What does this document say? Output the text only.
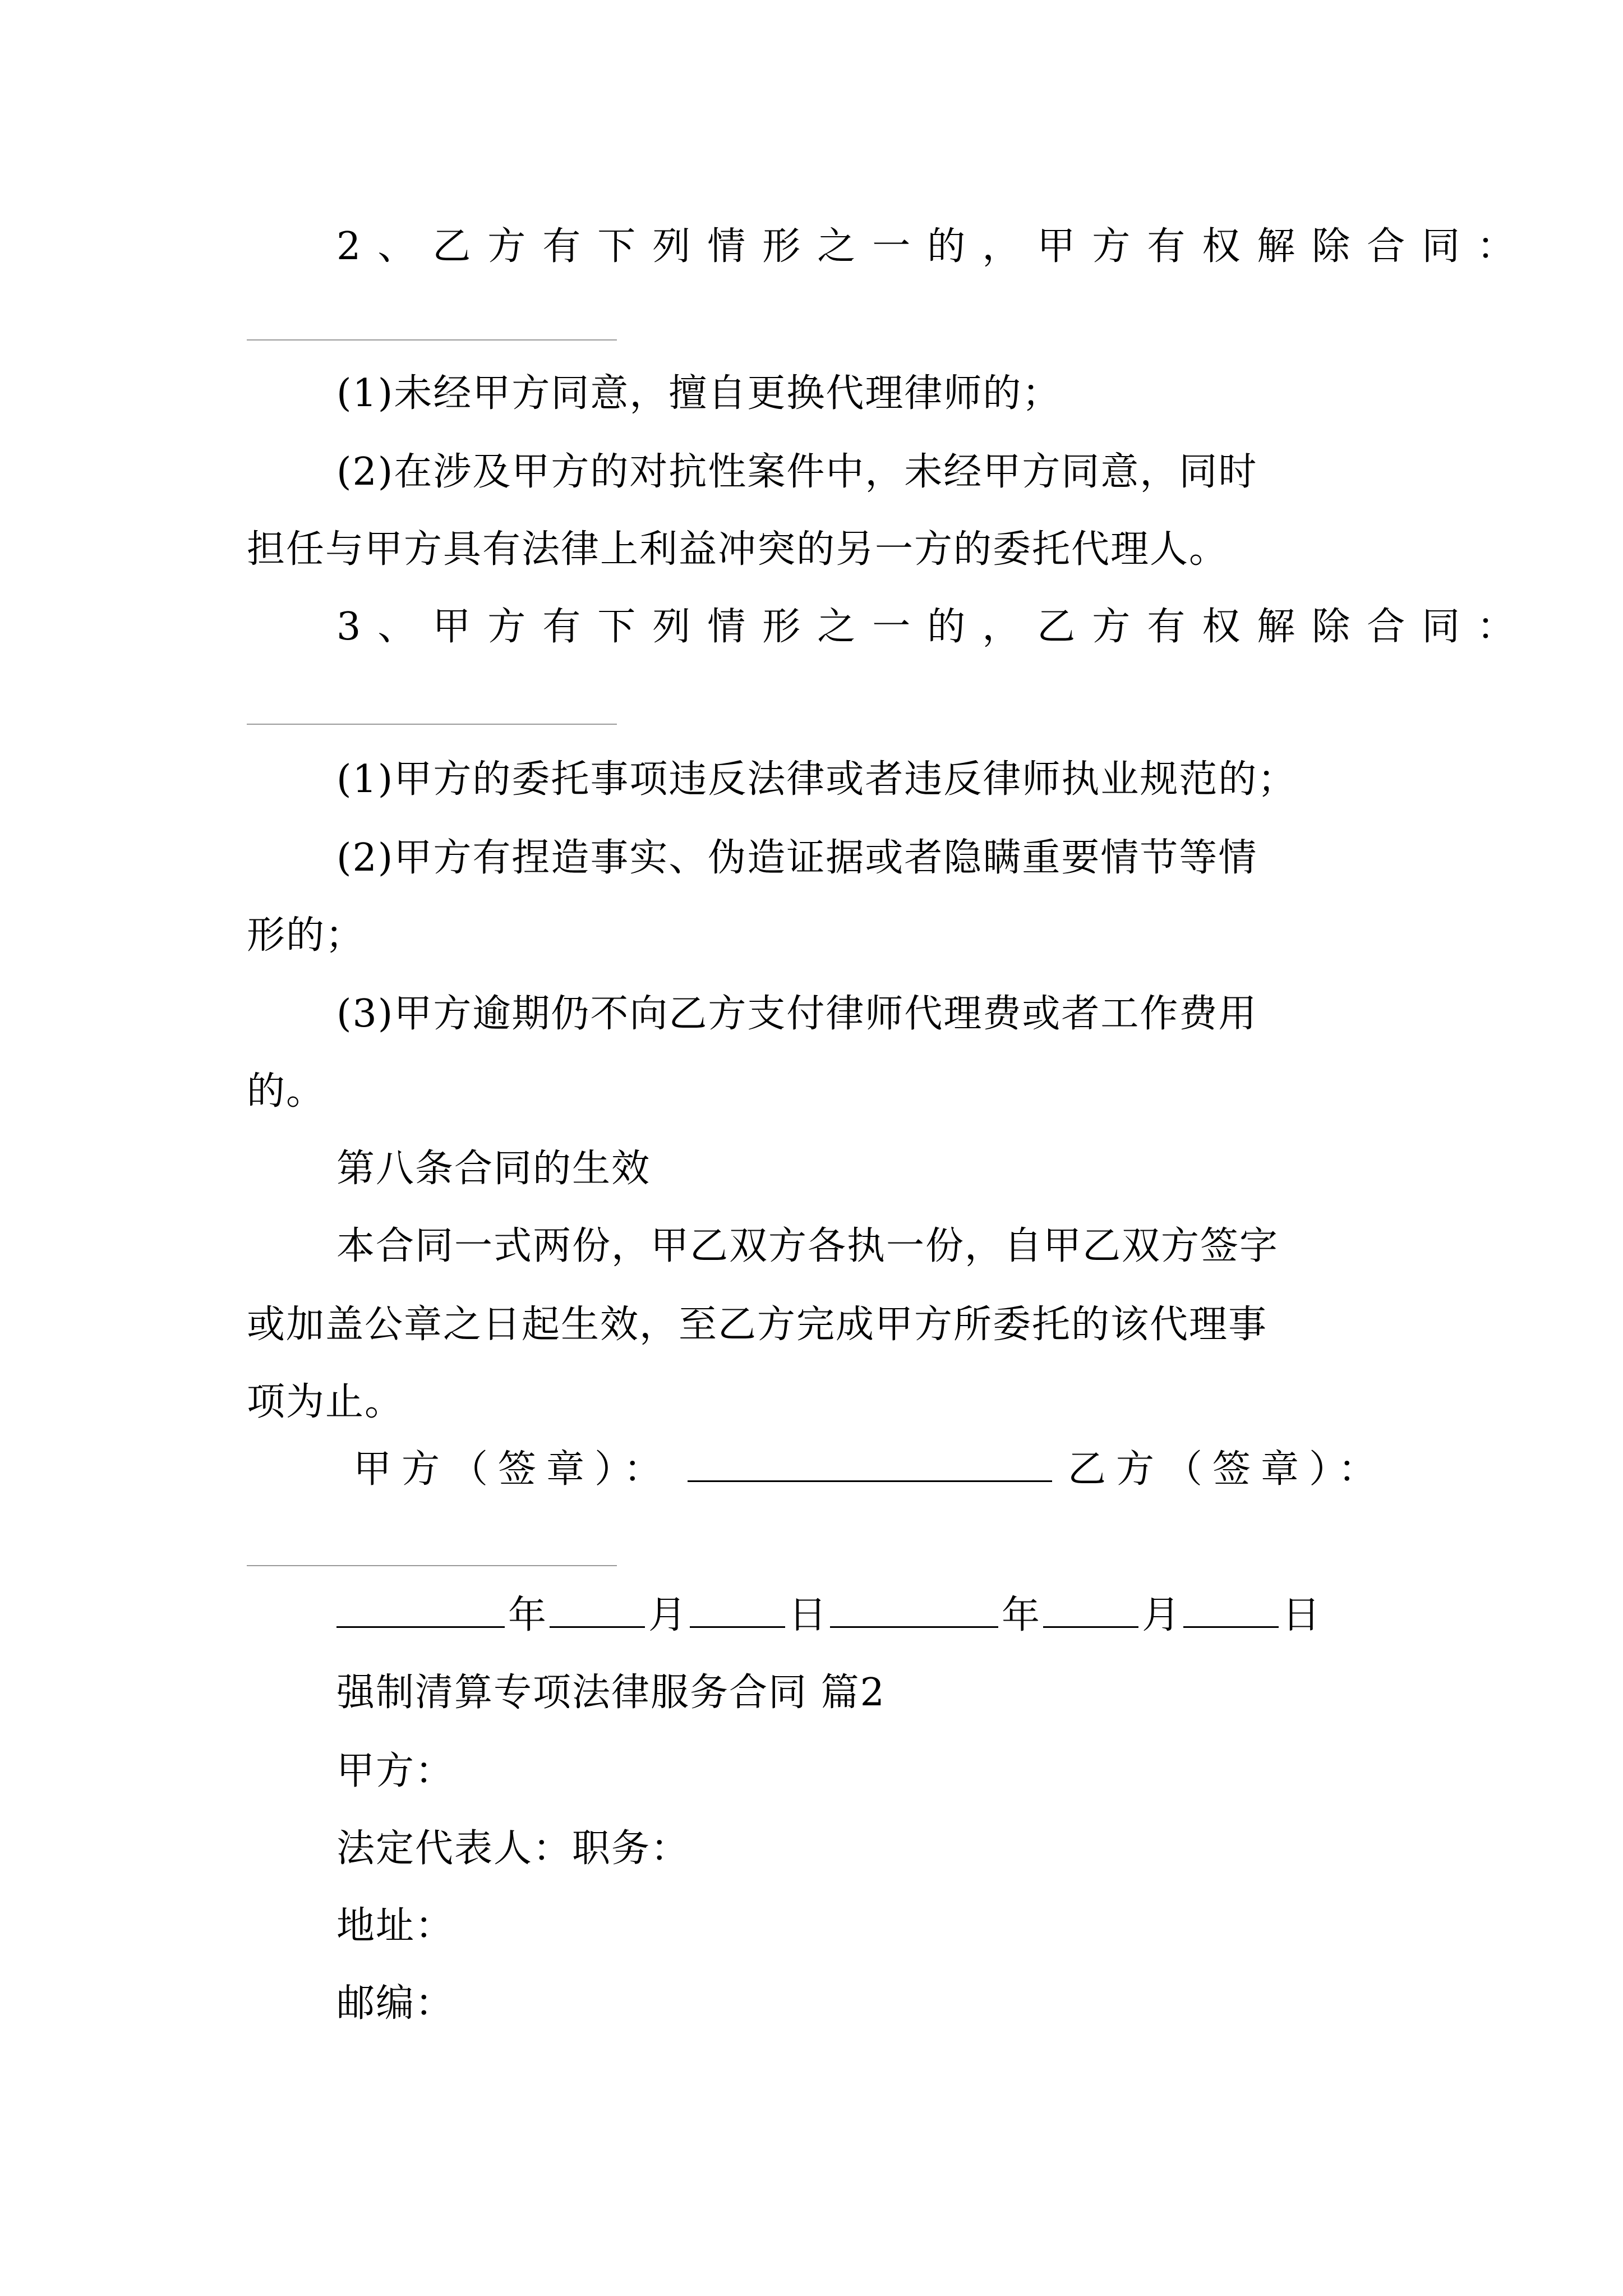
2、乙方有下列情形之一的，甲方有权解除合同：
(1)未经甲方同意，擅自更换代理律师的；
(2)在涉及甲方的对抗性案件中，未经甲方同意，同时
担任与甲方具有法律上利益冲突的另一方的委托代理人。
3、甲方有下列情形之一的，乙方有权解除合同：
(1)甲方的委托事项违反法律或者违反律师执业规范的；
(2)甲方有捏造事实、伪造证据或者隐瞒重要情节等情
形的；
(3)甲方逾期仍不向乙方支付律师代理费或者工作费用
的。
第八条合同的生效
本合同一式两份，甲乙双方各执一份，自甲乙双方签字
或加盖公章之日起生效，至乙方完成甲方所委托的该代理事
项为止。
甲方（签章）：	乙方（签章）：
年	月	日	年	月	日
强制清算专项法律服务合同 篇2
甲方：
法定代表人：职务：
地址：
邮编：
